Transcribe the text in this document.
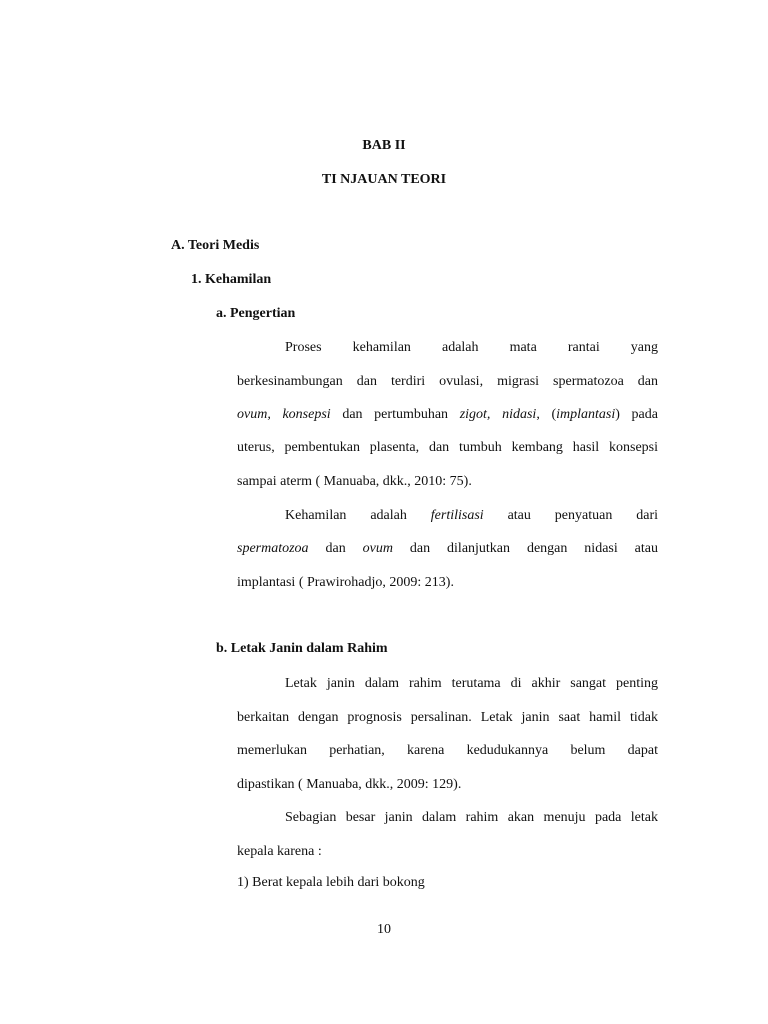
BAB II
TI NJAUAN TEORI
A. Teori Medis
1. Kehamilan
a. Pengertian
Proses kehamilan adalah mata rantai yang
berkesinambungan dan terdiri ovulasi, migrasi spermatozoa dan
ovum, konsepsi dan pertumbuhan zigot, nidasi, (implantasi) pada
uterus, pembentukan plasenta, dan tumbuh kembang hasil konsepsi
sampai aterm ( Manuaba, dkk., 2010: 75).
Kehamilan adalah fertilisasi atau penyatuan dari
spermatozoa dan ovum dan dilanjutkan dengan nidasi atau
implantasi ( Prawirohadjo, 2009: 213).
b. Letak Janin dalam Rahim
Letak janin dalam rahim terutama di akhir sangat penting
berkaitan dengan prognosis persalinan. Letak janin saat hamil tidak
memerlukan perhatian, karena kedudukannya belum dapat
dipastikan ( Manuaba, dkk., 2009: 129).
Sebagian besar janin dalam rahim akan menuju pada letak
kepala karena :
1) Berat kepala lebih dari bokong
10
